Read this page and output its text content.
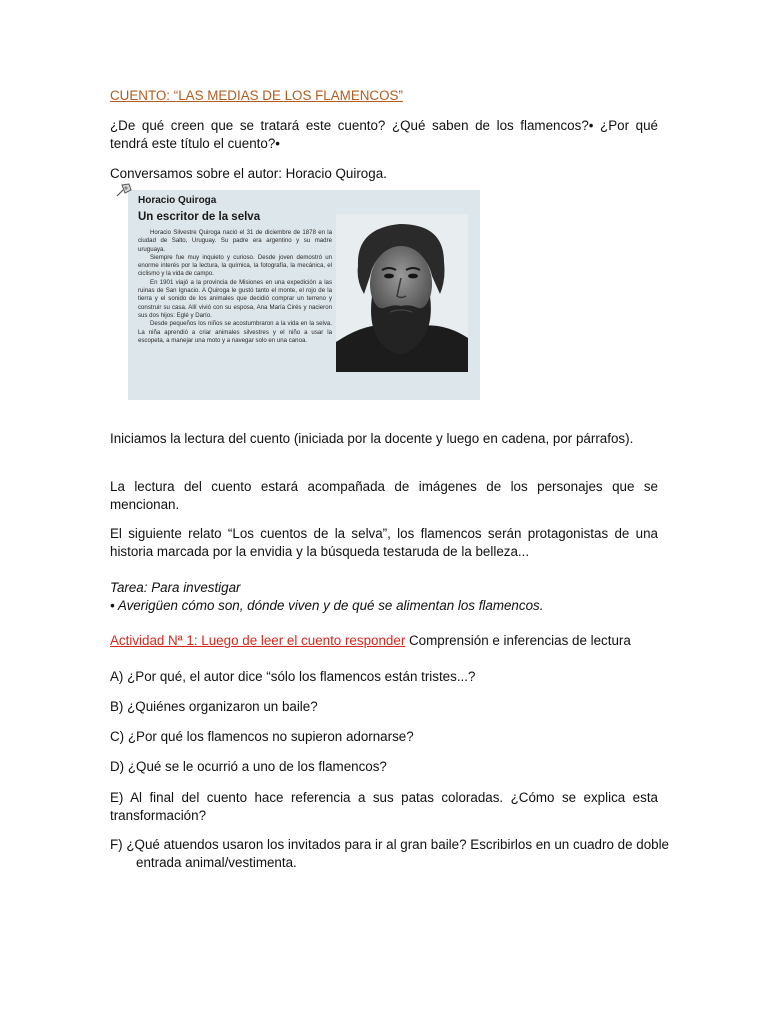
CUENTO: “LAS MEDIAS DE LOS FLAMENCOS”

¿De qué creen que se tratará este cuento? ¿Qué saben de los flamencos?• ¿Por qué tendrá este título el cuento?•

Conversamos sobre el autor: Horacio Quiroga.

Horacio Quiroga
Un escritor de la selva

Horacio Silvestre Quiroga nació el 31 de diciembre de 1878 en la ciudad de Salto, Uruguay. Su padre era argentino y su madre uruguaya.

Siempre fue muy inquieto y curioso. Desde joven demostró un enorme interés por la lectura, la química, la fotografía, la mecánica, el ciclismo y la vida de campo.

En 1901 viajó a la provincia de Misiones en una expedición a las ruinas de San Ignacio. A Quiroga le gustó tanto el monte, el rojo de la tierra y el sonido de los animales que decidió comprar un terreno y construir su casa. Allí vivió con su esposa, Ana María Cirés y nacieron sus dos hijos: Eglé y Darío.

Desde pequeños los niños se acostumbraron a la vida en la selva. La niña aprendió a criar animales silvestres y el niño a usar la escopeta, a manejar una moto y a navegar solo en una canoa.

Iniciamos la lectura del cuento (iniciada por la docente y luego en cadena, por párrafos).

La lectura del cuento estará acompañada de imágenes de los personajes que se mencionan.

El siguiente relato “Los cuentos de la selva”, los flamencos serán protagonistas de una historia marcada por la envidia y la búsqueda testaruda de la belleza...

Tarea: Para investigar

• Averigüen cómo son, dónde viven y de qué se alimentan los flamencos.

Actividad Nª 1: Luego de leer el cuento responder Comprensión e inferencias de lectura

A) ¿Por qué, el autor dice “sólo los flamencos están tristes...?

B) ¿Quiénes organizaron un baile?

C) ¿Por qué los flamencos no supieron adornarse?

D) ¿Qué se le ocurrió a uno de los flamencos?

E) Al final del cuento hace referencia a sus patas coloradas. ¿Cómo se explica esta transformación?

F) ¿Qué atuendos usaron los invitados para ir al gran baile? Escribirlos en un cuadro de doble entrada animal/vestimenta.
